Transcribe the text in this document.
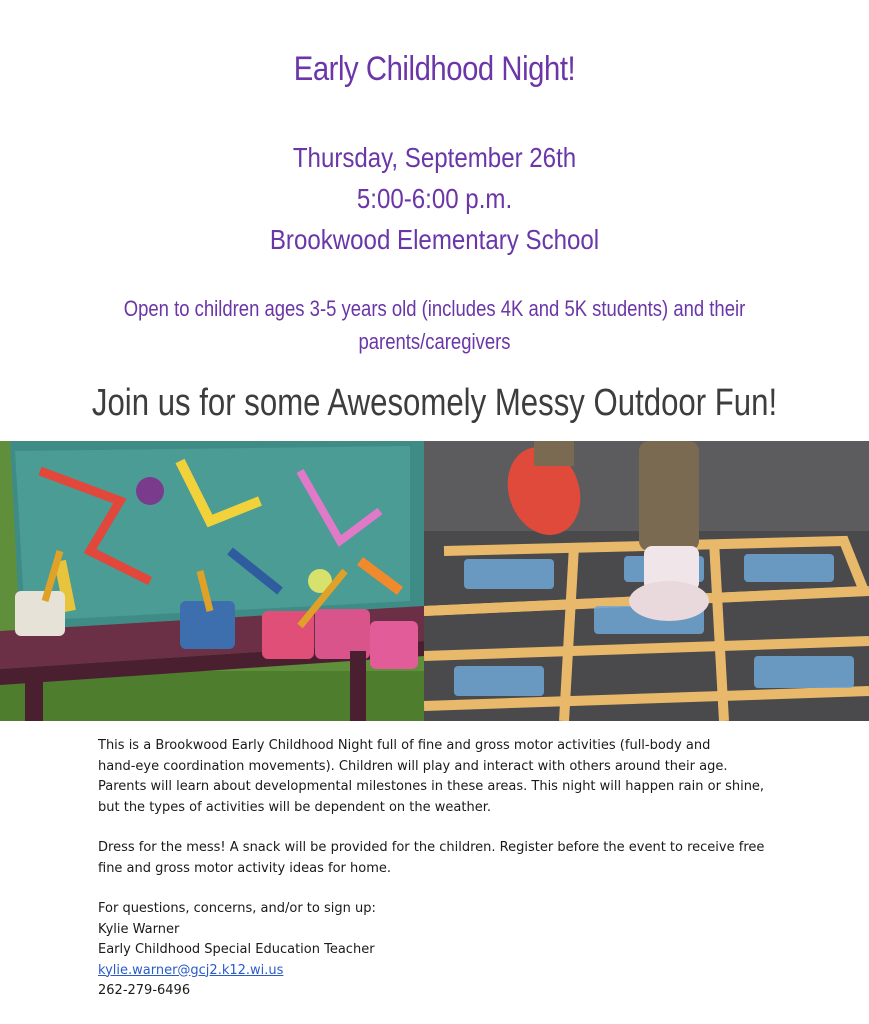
Early Childhood Night!
Thursday, September 26th
5:00-6:00 p.m.
Brookwood Elementary School
Open to children ages 3-5 years old (includes 4K and 5K students) and their
parents/caregivers
Join us for some Awesomely Messy Outdoor Fun!

This is a Brookwood Early Childhood Night full of fine and gross motor activities (full-body and

hand-eye coordination movements). Children will play and interact with others around their age.

Parents will learn about developmental milestones in these areas. This night will happen rain or shine,

but the types of activities will be dependent on the weather.

Dress for the mess! A snack will be provided for the children. Register before the event to receive free

fine and gross motor activity ideas for home.

For questions, concerns, and/or to sign up:

Kylie Warner

Early Childhood Special Education Teacher

kylie.warner@gcj2.k12.wi.us

262-279-6496
